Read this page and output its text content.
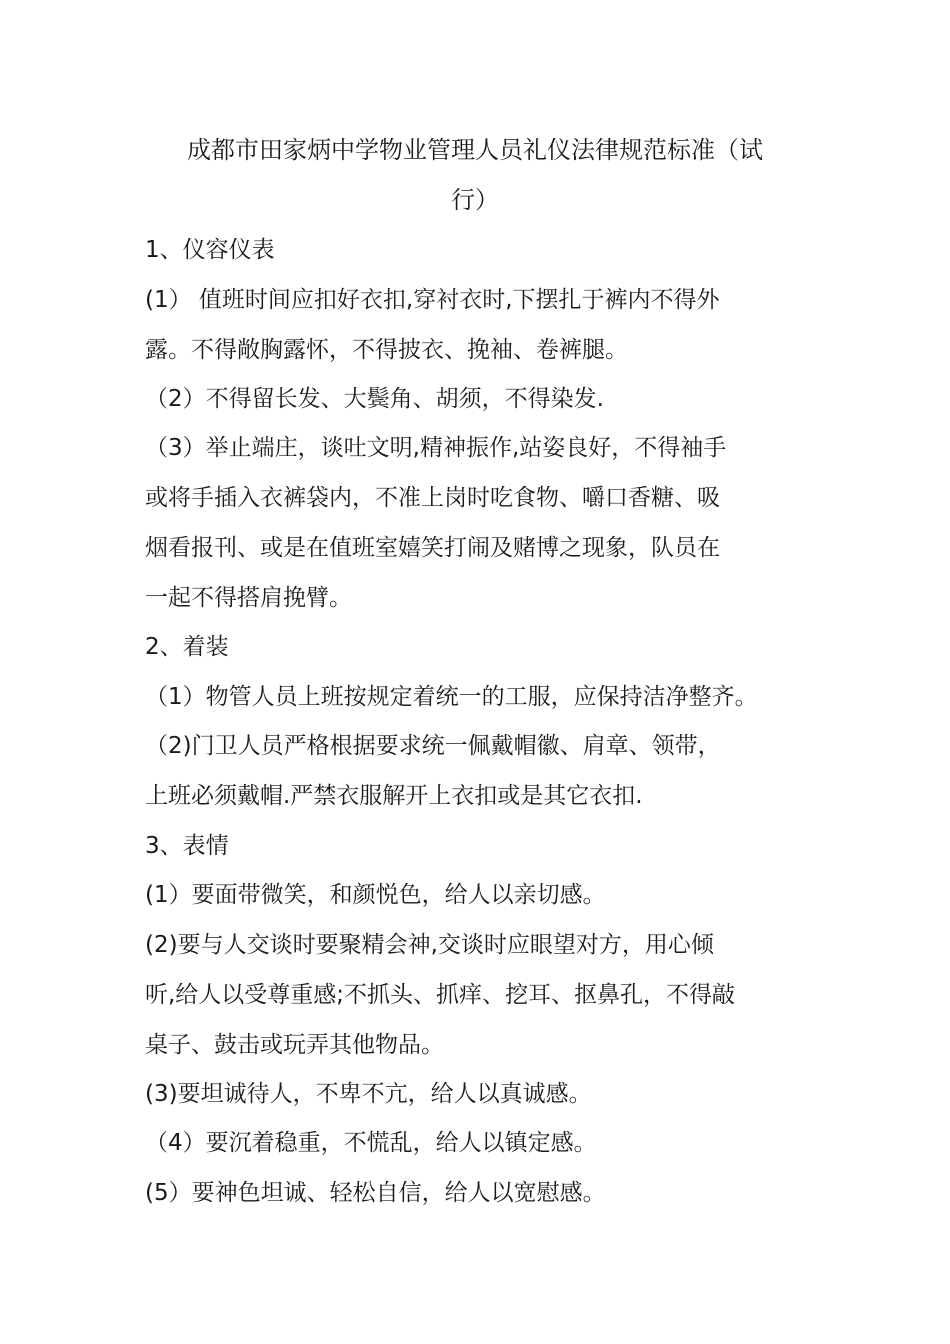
成都市田家炳中学物业管理人员礼仪法律规范标准（试
行）

1、仪容仪表

(1） 值班时间应扣好衣扣,穿衬衣时,下摆扎于裤内不得外

露。不得敞胸露怀，不得披衣、挽袖、卷裤腿。

（2）不得留长发、大鬓角、胡须，不得染发.

（3）举止端庄，谈吐文明,精神振作,站姿良好，不得袖手

或将手插入衣裤袋内，不准上岗时吃食物、嚼口香糖、吸

烟看报刊、或是在值班室嬉笑打闹及赌博之现象，队员在

一起不得搭肩挽臂。

2、着装

（1）物管人员上班按规定着统一的工服，应保持洁净整齐。

（2)门卫人员严格根据要求统一佩戴帽徽、肩章、领带，

上班必须戴帽.严禁衣服解开上衣扣或是其它衣扣.

3、表情

(1）要面带微笑，和颜悦色，给人以亲切感。

(2)要与人交谈时要聚精会神,交谈时应眼望对方，用心倾

听,给人以受尊重感;不抓头、抓痒、挖耳、抠鼻孔，不得敲

桌子、鼓击或玩弄其他物品。

(3)要坦诚待人，不卑不亢，给人以真诚感。

（4）要沉着稳重，不慌乱，给人以镇定感。

(5）要神色坦诚、轻松自信，给人以宽慰感。
